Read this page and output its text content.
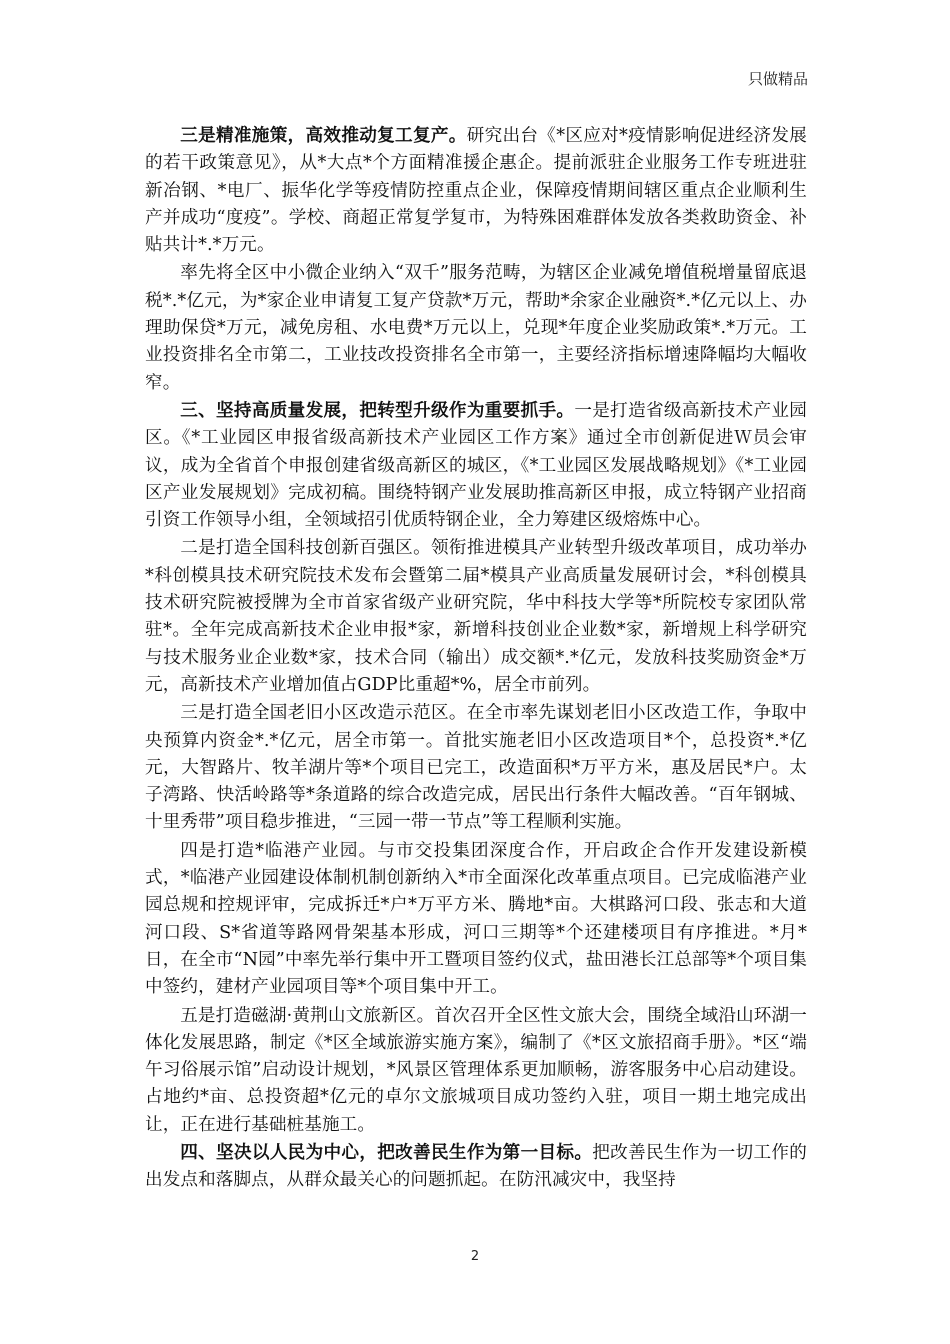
只做精品

三是精准施策，高效推动复工复产。研究出台《*区应对*疫情影响促进经济发展的若干政策意见》，从*大点*个方面精准援企惠企。提前派驻企业服务工作专班进驻新冶钢、*电厂、振华化学等疫情防控重点企业，保障疫情期间辖区重点企业顺利生产并成功“度疫”。学校、商超正常复学复市，为特殊困难群体发放各类救助资金、补贴共计*.*万元。

率先将全区中小微企业纳入“双千”服务范畴，为辖区企业减免增值税增量留底退税*.*亿元，为*家企业申请复工复产贷款*万元，帮助*余家企业融资*.*亿元以上、办理助保贷*万元，减免房租、水电费*万元以上，兑现*年度企业奖励政策*.*万元。工业投资排名全市第二，工业技改投资排名全市第一，主要经济指标增速降幅均大幅收窄。

三、坚持高质量发展，把转型升级作为重要抓手。一是打造省级高新技术产业园区。《*工业园区申报省级高新技术产业园区工作方案》通过全市创新促进Ｗ员会审议，成为全省首个申报创建省级高新区的城区，《*工业园区发展战略规划》《*工业园区产业发展规划》完成初稿。围绕特钢产业发展助推高新区申报，成立特钢产业招商引资工作领导小组，全领域招引优质特钢企业，全力筹建区级熔炼中心。

二是打造全国科技创新百强区。领衔推进模具产业转型升级改革项目，成功举办*科创模具技术研究院技术发布会暨第二届*模具产业高质量发展研讨会，*科创模具技术研究院被授牌为全市首家省级产业研究院，华中科技大学等*所院校专家团队常驻*。全年完成高新技术企业申报*家，新增科技创业企业数*家，新增规上科学研究与技术服务业企业数*家，技术合同（输出）成交额*.*亿元，发放科技奖励资金*万元，高新技术产业增加值占GDP比重超*%，居全市前列。

三是打造全国老旧小区改造示范区。在全市率先谋划老旧小区改造工作，争取中央预算内资金*.*亿元，居全市第一。首批实施老旧小区改造项目*个，总投资*.*亿元，大智路片、牧羊湖片等*个项目已完工，改造面积*万平方米，惠及居民*户。太子湾路、快活岭路等*条道路的综合改造完成，居民出行条件大幅改善。“百年钢城、十里秀带”项目稳步推进，“三园一带一节点”等工程顺利实施。

四是打造*临港产业园。与市交投集团深度合作，开启政企合作开发建设新模式，*临港产业园建设体制机制创新纳入*市全面深化改革重点项目。已完成临港产业园总规和控规评审，完成拆迁*户*万平方米、腾地*亩。大棋路河口段、张志和大道河口段、S*省道等路网骨架基本形成，河口三期等*个还建楼项目有序推进。*月*日，在全市“N园”中率先举行集中开工暨项目签约仪式，盐田港长江总部等*个项目集中签约，建材产业园项目等*个项目集中开工。

五是打造磁湖·黄荆山文旅新区。首次召开全区性文旅大会，围绕全域沿山环湖一体化发展思路，制定《*区全域旅游实施方案》，编制了《*区文旅招商手册》。*区“端午习俗展示馆”启动设计规划，*风景区管理体系更加顺畅，游客服务中心启动建设。占地约*亩、总投资超*亿元的卓尔文旅城项目成功签约入驻，项目一期土地完成出让，正在进行基础桩基施工。

四、坚决以人民为中心，把改善民生作为第一目标。把改善民生作为一切工作的出发点和落脚点，从群众最关心的问题抓起。在防汛减灾中，我坚持

2
